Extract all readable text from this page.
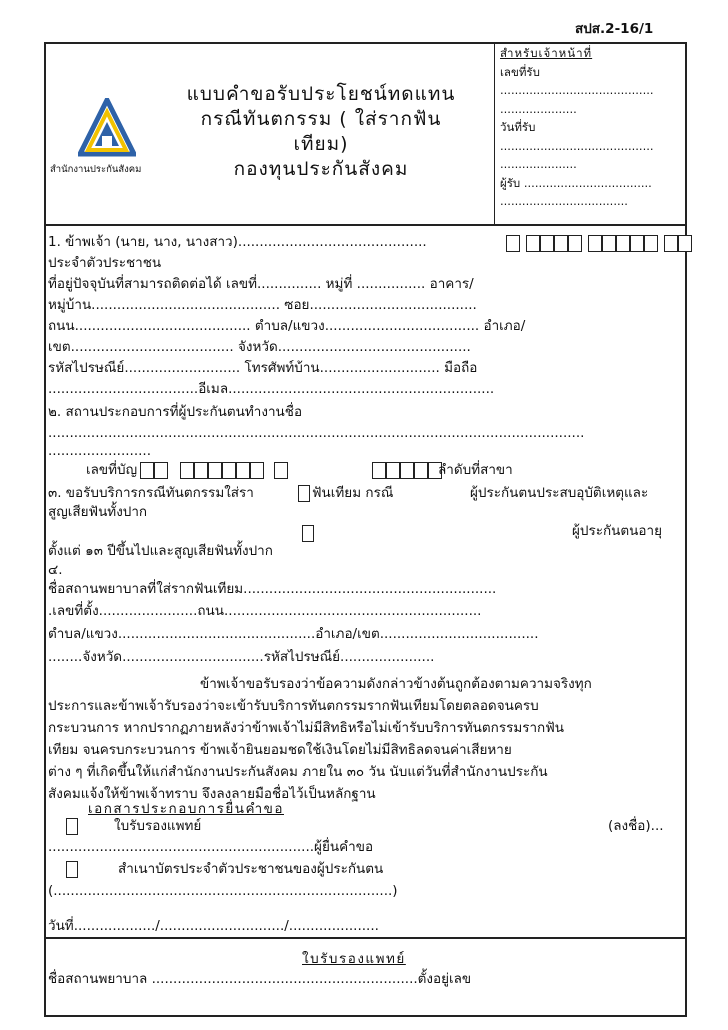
สปส.2-16/1
สำนักงานประกันสังคม
แบบคำขอรับประโยชน์ทดแทน
กรณีทันตกรรม ( ใส่รากฟัน
เทียม)
กองทุนประกันสังคม
สำหรับเจ้าหน้าที่
เลขที่รับ
..........................................
.....................
วันที่รับ
..........................................
.....................
ผู้รับ ...................................
...................................
1. ข้าพเจ้า (นาย, นาง, นางสาว)............................................
ประจำตัวประชาชน
ที่อยู่ปัจจุบันที่สามารถติดต่อได้ เลขที่............... หมู่ที่ ................ อาคาร/
หมู่บ้าน............................................ ซอย.......................................
ถนน......................................... ตำบล/แขวง.................................... อำเภอ/
เขต...................................... จังหวัด.............................................
รหัสไปรษณีย์........................... โทรศัพท์บ้าน............................ มือถือ
...................................อีเมล..............................................................
๒. สถานประกอบการที่ผู้ประกันตนทำงานชื่อ
.............................................................................................................................
........................
เลขที่บัญ	ลำดับที่สาขา
๓. ขอรับบริการกรณีทันตกรรมใส่รา	ฟันเทียม กรณี	ผู้ประกันตนประสบอุบัติเหตุและ
สูญเสียฟันทั้งปาก
ผู้ประกันตนอายุ
ตั้งแต่ ๑๓ ปีขึ้นไปและสูญเสียฟันทั้งปาก
๔.
ชื่อสถานพยาบาลที่ใส่รากฟันเทียม...........................................................
.เลขที่ตั้ง.......................ถนน............................................................
ตำบล/แขวง..............................................อำเภอ/เขต.....................................
........จังหวัด.................................รหัสไปรษณีย์......................
ข้าพเจ้าขอรับรองว่าข้อความดังกล่าวข้างต้นถูกต้องตามความจริงทุก
ประการและข้าพเจ้ารับรองว่าจะเข้ารับบริการทันตกรรมรากฟันเทียมโดยตลอดจนครบ
กระบวนการ หากปรากฏภายหลังว่าข้าพเจ้าไม่มีสิทธิหรือไม่เข้ารับบริการทันตกรรมรากฟัน
เทียม จนครบกระบวนการ ข้าพเจ้ายินยอมชดใช้เงินโดยไม่มีสิทธิลดจนค่าเสียหาย
ต่าง ๆ ที่เกิดขึ้นให้แก่สำนักงานประกันสังคม ภายใน ๓๐ วัน นับแต่วันที่สำนักงานประกัน
สังคมแจ้งให้ข้าพเจ้าทราบ จึงลงลายมือชื่อไว้เป็นหลักฐาน
เอกสารประกอบการยื่นคำขอ
ใบรับรองแพทย์	(ลงชื่อ)...
..............................................................ผู้ยื่นคำขอ
สำเนาบัตรประจำตัวประชาชนของผู้ประกันตน
(...............................................................................)
วันที่.................../............................./.....................
ใบรับรองแพทย์
ชื่อสถานพยาบาล ..............................................................ตั้งอยู่เลข
